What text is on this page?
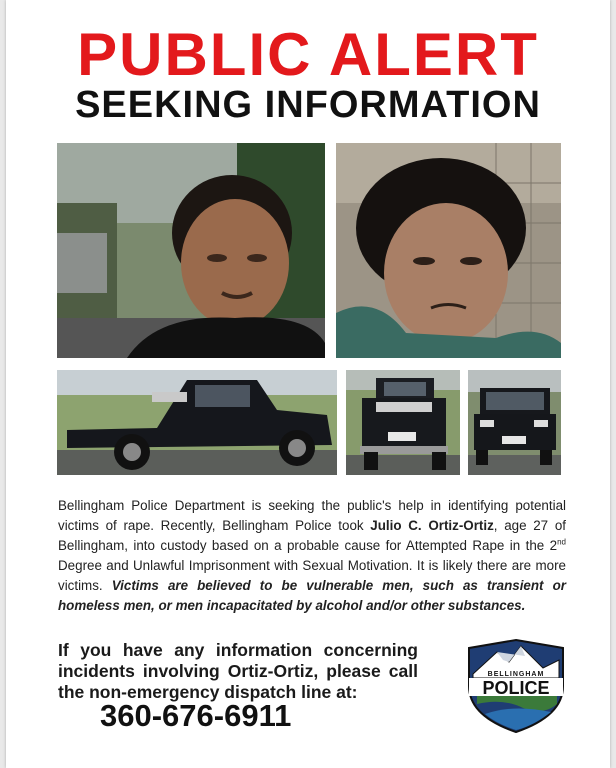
PUBLIC ALERT
SEEKING INFORMATION
Bellingham Police Department is seeking the public's help in identifying potential victims of rape. Recently, Bellingham Police took Julio C. Ortiz-Ortiz, age 27 of Bellingham, into custody based on a probable cause for Attempted Rape in the 2nd Degree and Unlawful Imprisonment with Sexual Motivation. It is likely there are more victims. Victims are believed to be vulnerable men, such as transient or homeless men, or men incapacitated by alcohol and/or other substances.
If you have any information concerning incidents involving Ortiz-Ortiz, please call the non-emergency dispatch line at:
360-676-6911
BELLINGHAM
POLICE
